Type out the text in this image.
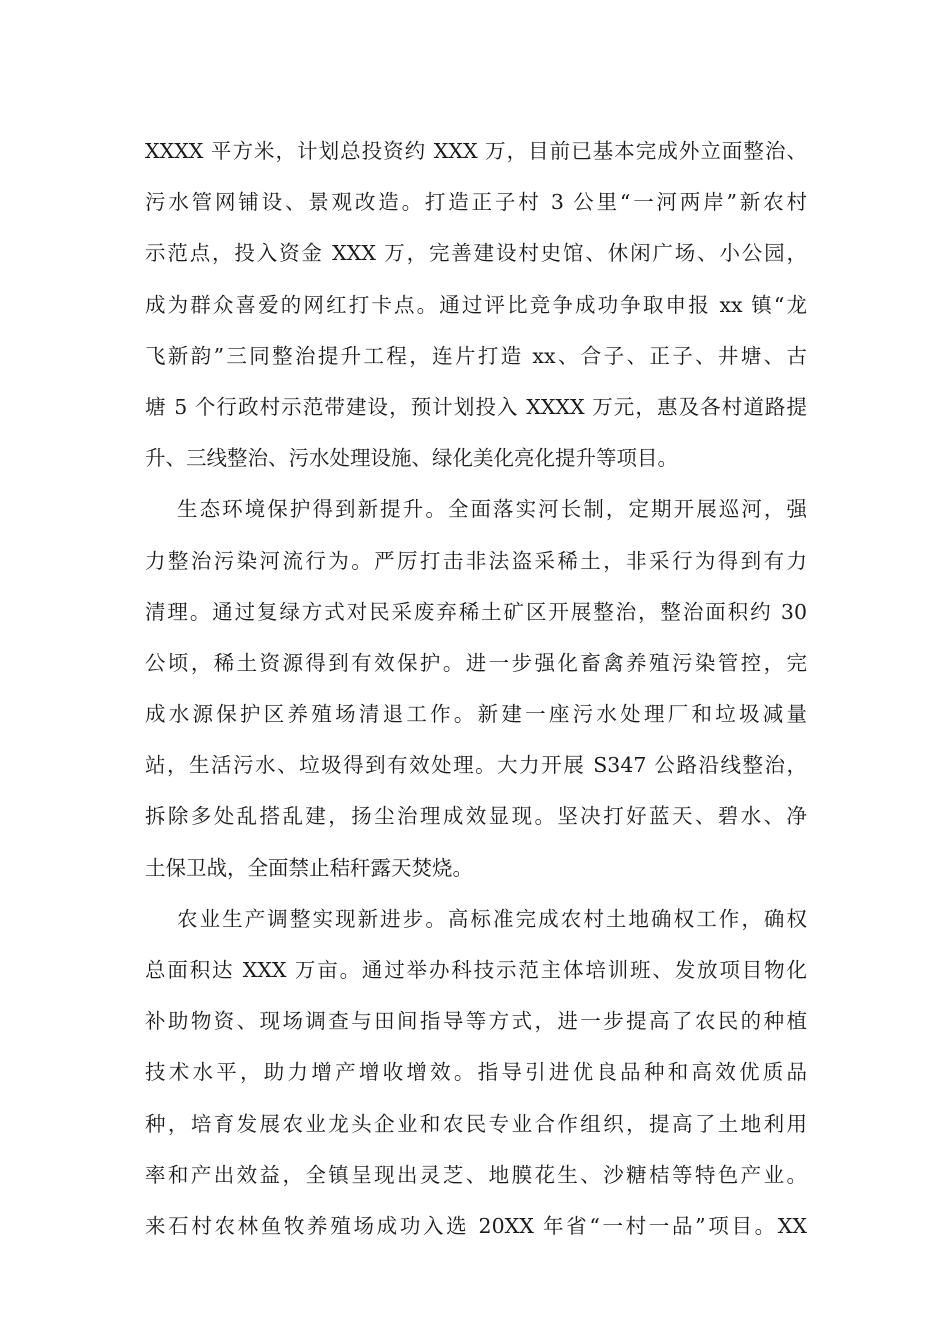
XXXX 平方米，计划总投资约 XXX 万，目前已基本完成外立面整治、
污水管网铺设、景观改造。打造正子村 3 公里“一河两岸”新农村
示范点，投入资金 XXX 万，完善建设村史馆、休闲广场、小公园，
成为群众喜爱的网红打卡点。通过评比竞争成功争取申报 xx 镇“龙
飞新韵”三同整治提升工程，连片打造 xx、合子、正子、井塘、古
塘 5 个行政村示范带建设，预计划投入 XXXX 万元，惠及各村道路提
升、三线整治、污水处理设施、绿化美化亮化提升等项目。
生态环境保护得到新提升。全面落实河长制，定期开展巡河，强
力整治污染河流行为。严厉打击非法盗采稀土，非采行为得到有力
清理。通过复绿方式对民采废弃稀土矿区开展整治，整治面积约 30
公顷，稀土资源得到有效保护。进一步强化畜禽养殖污染管控，完
成水源保护区养殖场清退工作。新建一座污水处理厂和垃圾减量
站，生活污水、垃圾得到有效处理。大力开展 S347 公路沿线整治，
拆除多处乱搭乱建，扬尘治理成效显现。坚决打好蓝天、碧水、净
土保卫战，全面禁止秸秆露天焚烧。
农业生产调整实现新进步。高标准完成农村土地确权工作，确权
总面积达 XXX 万亩。通过举办科技示范主体培训班、发放项目物化
补助物资、现场调查与田间指导等方式，进一步提高了农民的种植
技术水平，助力增产增收增效。指导引进优良品种和高效优质品
种，培育发展农业龙头企业和农民专业合作组织，提高了土地利用
率和产出效益，全镇呈现出灵芝、地膜花生、沙糖桔等特色产业。
来石村农林鱼牧养殖场成功入选 20XX 年省“一村一品”项目。XX
